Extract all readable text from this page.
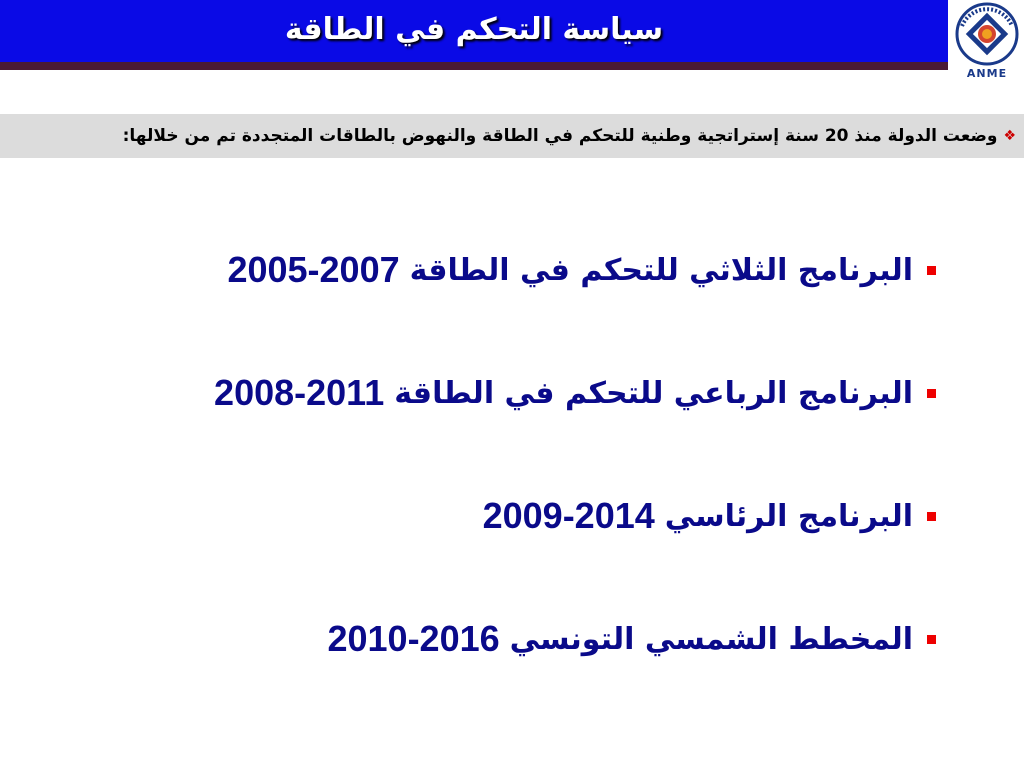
سياسة التحكم في الطاقة
ANME
❖
وضعت الدولة منذ 20 سنة إستراتجية وطنية للتحكم في الطاقة والنهوض بالطاقات المتجددة تم من خلالها:
البرنامج الثلاثي للتحكم في الطاقة
2005-2007
البرنامج الرباعي للتحكم في الطاقة
2008-2011
البرنامج الرئاسي
2009-2014
المخطط الشمسي التونسي
2010-2016
